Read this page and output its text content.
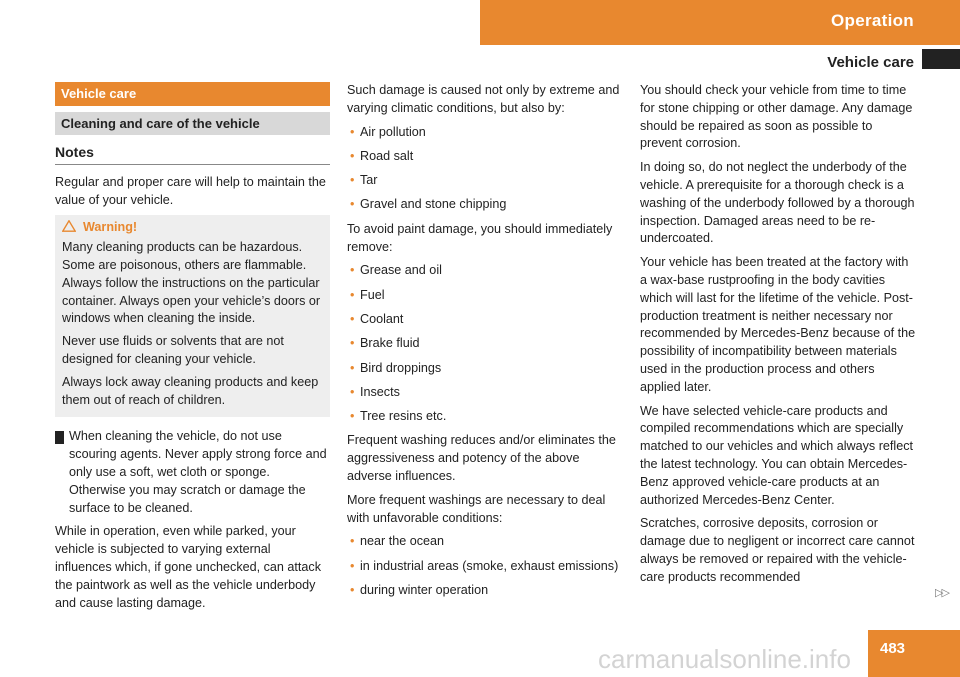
Operation
Vehicle care
Vehicle care
Cleaning and care of the vehicle
Notes

Regular and proper care will help to maintain the value of your vehicle.

Warning!

Many cleaning products can be hazardous. Some are poisonous, others are flammable. Always follow the instructions on the particular container. Always open your vehicle’s doors or windows when cleaning the inside.

Never use fluids or solvents that are not designed for cleaning your vehicle.

Always lock away cleaning products and keep them out of reach of children.

! When cleaning the vehicle, do not use scouring agents. Never apply strong force and only use a soft, wet cloth or sponge. Otherwise you may scratch or damage the surface to be cleaned.

While in operation, even while parked, your vehicle is subjected to varying external influences which, if gone unchecked, can attack the paintwork as well as the vehicle underbody and cause lasting damage.

Such damage is caused not only by extreme and varying climatic conditions, but also by:

• Air pollution
• Road salt
• Tar
• Gravel and stone chipping

To avoid paint damage, you should immediately remove:

• Grease and oil
• Fuel
• Coolant
• Brake fluid
• Bird droppings
• Insects
• Tree resins etc.

Frequent washing reduces and/or eliminates the aggressiveness and potency of the above adverse influences.

More frequent washings are necessary to deal with unfavorable conditions:

• near the ocean
• in industrial areas (smoke, exhaust emissions)
• during winter operation

You should check your vehicle from time to time for stone chipping or other damage. Any damage should be repaired as soon as possible to prevent corrosion.

In doing so, do not neglect the underbody of the vehicle. A prerequisite for a thorough check is a washing of the underbody followed by a thorough inspection. Damaged areas need to be re-undercoated.

Your vehicle has been treated at the factory with a wax-base rustproofing in the body cavities which will last for the lifetime of the vehicle. Post-production treatment is neither necessary nor recommended by Mercedes-Benz because of the possibility of incompatibility between materials used in the production process and others applied later.

We have selected vehicle-care products and compiled recommendations which are specially matched to our vehicles and which always reflect the latest technology. You can obtain Mercedes-Benz approved vehicle-care products at an authorized Mercedes-Benz Center.

Scratches, corrosive deposits, corrosion or damage due to negligent or incorrect care cannot always be removed or repaired with the vehicle-care products recommended

▷▷
carmanualsonline.info 483
